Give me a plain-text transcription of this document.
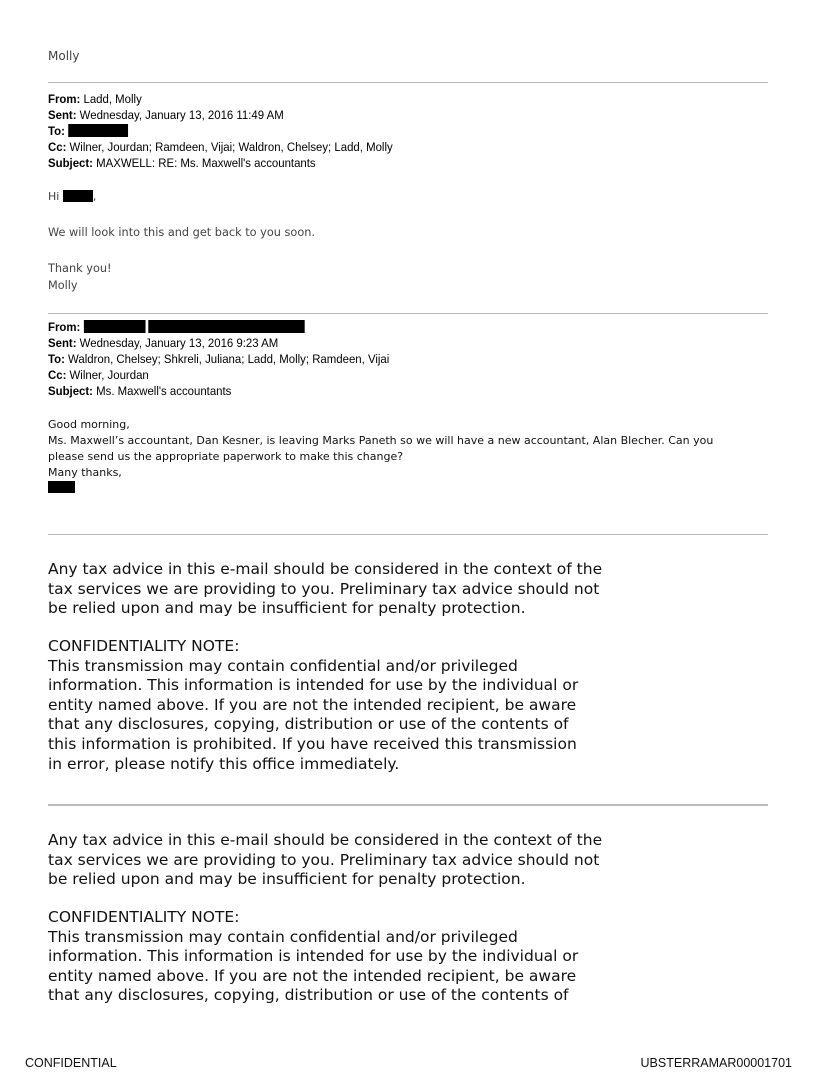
Molly
From: Ladd, Molly
Sent: Wednesday, January 13, 2016 11:49 AM
To:
Cc: Wilner, Jourdan; Ramdeen, Vijai; Waldron, Chelsey; Ladd, Molly
Subject: MAXWELL: RE: Ms. Maxwell's accountants
Hi	,
We will look into this and get back to you soon.
Thank you!
Molly
From:
Sent: Wednesday, January 13, 2016 9:23 AM
To: Waldron, Chelsey; Shkreli, Juliana; Ladd, Molly; Ramdeen, Vijai
Cc: Wilner, Jourdan
Subject: Ms. Maxwell's accountants
Good morning,
Ms. Maxwell’s accountant, Dan Kesner, is leaving Marks Paneth so we will have a new accountant, Alan Blecher. Can you
please send us the appropriate paperwork to make this change?
Many thanks,
Any tax advice in this e-mail should be considered in the context of the
tax services we are providing to you. Preliminary tax advice should not
be relied upon and may be insufficient for penalty protection.
CONFIDENTIALITY NOTE:
This transmission may contain confidential and/or privileged
information. This information is intended for use by the individual or
entity named above. If you are not the intended recipient, be aware
that any disclosures, copying, distribution or use of the contents of
this information is prohibited. If you have received this transmission
in error, please notify this office immediately.
Any tax advice in this e-mail should be considered in the context of the
tax services we are providing to you. Preliminary tax advice should not
be relied upon and may be insufficient for penalty protection.
CONFIDENTIALITY NOTE:
This transmission may contain confidential and/or privileged
information. This information is intended for use by the individual or
entity named above. If you are not the intended recipient, be aware
that any disclosures, copying, distribution or use of the contents of
CONFIDENTIAL	UBSTERRAMAR00001701
